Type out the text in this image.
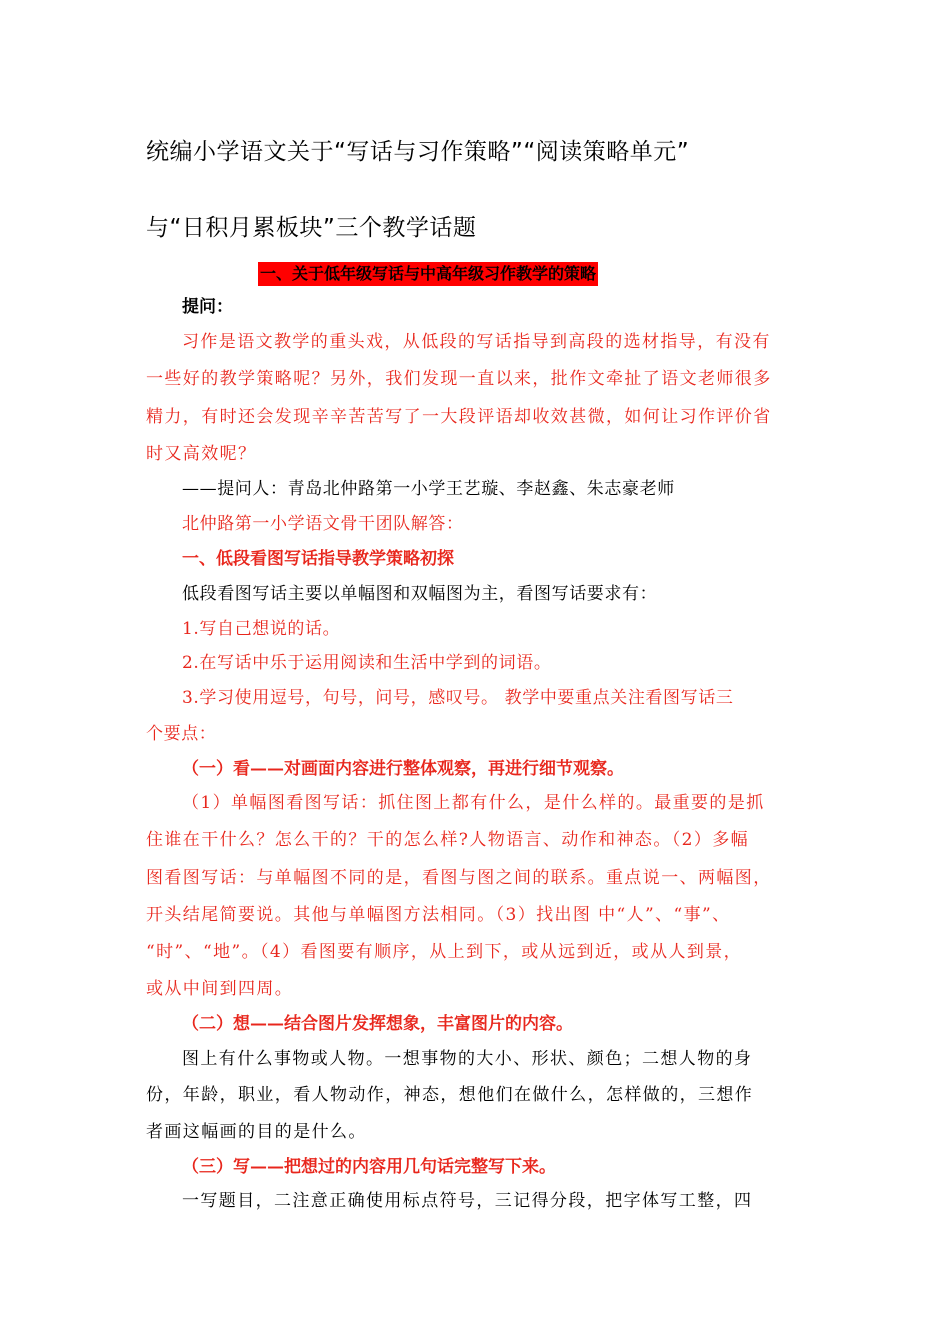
统编小学语文关于“写话与习作策略”“阅读策略单元”
与“日积月累板块”三个教学话题
一、关于低年级写话与中高年级习作教学的策略
提问：
习作是语文教学的重头戏，从低段的写话指导到高段的选材指导，有没有
一些好的教学策略呢？另外，我们发现一直以来，批作文牵扯了语文老师很多
精力，有时还会发现辛辛苦苦写了一大段评语却收效甚微，如何让习作评价省
时又高效呢？
——提问人：青岛北仲路第一小学王艺璇、李赵鑫、朱志豪老师
北仲路第一小学语文骨干团队解答：
一、低段看图写话指导教学策略初探
低段看图写话主要以单幅图和双幅图为主，看图写话要求有：
1.写自己想说的话。
2.在写话中乐于运用阅读和生活中学到的词语。
3.学习使用逗号，句号，问号，感叹号。 教学中要重点关注看图写话三
个要点：
（一）看——对画面内容进行整体观察，再进行细节观察。
（1）单幅图看图写话：抓住图上都有什么，是什么样的。最重要的是抓
住谁在干什么？怎么干的？干的怎么样?人物语言、动作和神态。（2）多幅
图看图写话：与单幅图不同的是，看图与图之间的联系。重点说一、两幅图，
开头结尾简要说。其他与单幅图方法相同。（3）找出图 中“人”、“事”、
“时”、“地”。（4）看图要有顺序，从上到下，或从远到近，或从人到景，
或从中间到四周。
（二）想——结合图片发挥想象，丰富图片的内容。
图上有什么事物或人物。一想事物的大小、形状、颜色；二想人物的身
份，年龄，职业，看人物动作，神态，想他们在做什么，怎样做的，三想作
者画这幅画的目的是什么。
（三）写——把想过的内容用几句话完整写下来。
一写题目，二注意正确使用标点符号，三记得分段，把字体写工整，四
